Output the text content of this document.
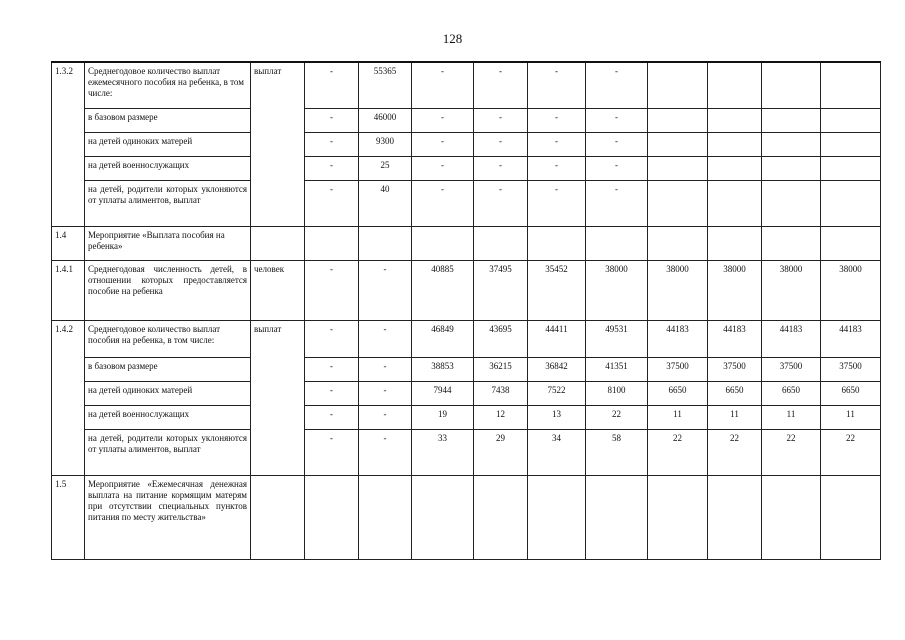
128
1.3.2	Среднегодовое количество выплат ежемесячного пособия на ребенка, в том числе:	выплат	-	55365	-	-	-	-				
	в базовом размере		-	46000	-	-	-	-				
	на детей одиноких матерей		-	9300	-	-	-	-				
	на детей военнослужащих		-	25	-	-	-	-				
	на детей, родители которых уклоняются от уплаты алиментов, выплат		-	40	-	-	-	-				
1.4	Мероприятие «Выплата пособия на ребенка»											
1.4.1	Среднегодовая численность детей, в отношении которых предоставляется пособие на ребенка	человек	-	-	40885	37495	35452	38000	38000	38000	38000	38000
1.4.2	Среднегодовое количество выплат пособия на ребенка, в том числе:	выплат	-	-	46849	43695	44411	49531	44183	44183	44183	44183
	в базовом размере		-	-	38853	36215	36842	41351	37500	37500	37500	37500
	на детей одиноких матерей		-	-	7944	7438	7522	8100	6650	6650	6650	6650
	на детей военнослужащих		-	-	19	12	13	22	11	11	11	11
	на детей, родители которых уклоняются от уплаты алиментов, выплат		-	-	33	29	34	58	22	22	22	22
1.5	Мероприятие «Ежемесячная денежная выплата на питание кормящим матерям при отсутствии специальных пунктов питания по месту жительства»											
